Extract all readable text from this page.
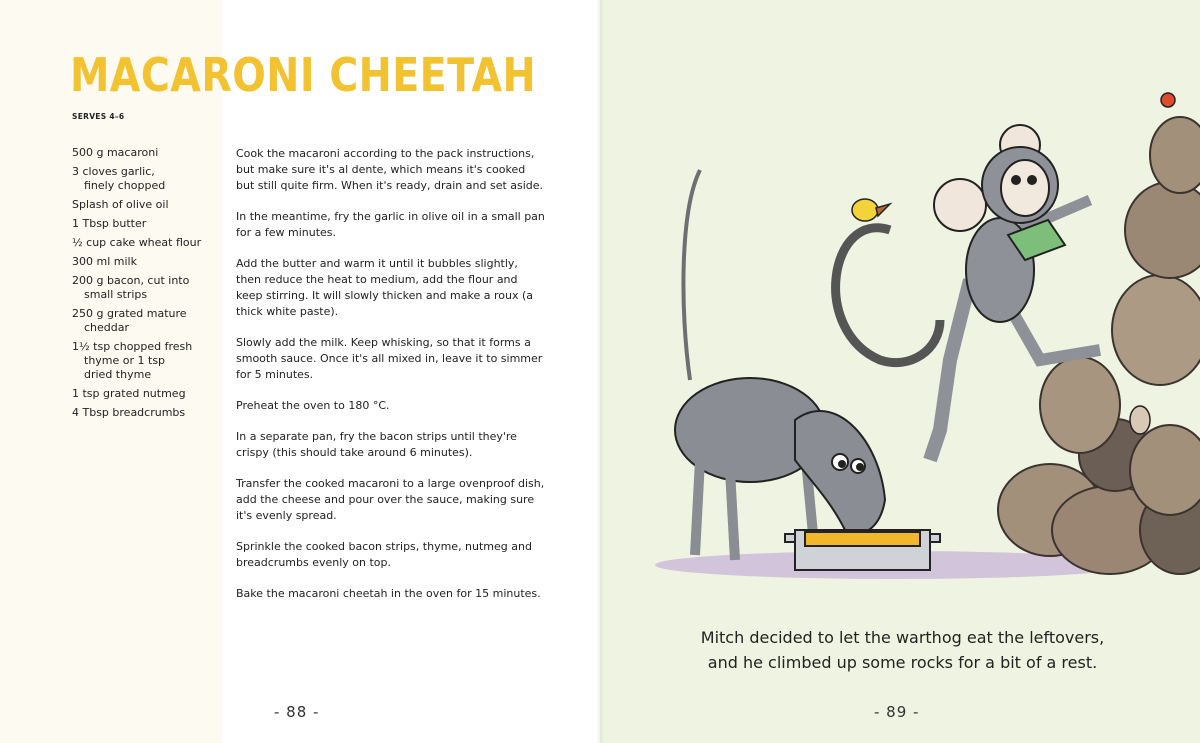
MACARONI CHEETAH
SERVES 4–6
500 g macaroni
3 cloves garlic,
finely chopped
Splash of olive oil
1 Tbsp butter
½ cup cake wheat flour
300 ml milk
200 g bacon, cut into
small strips
250 g grated mature
cheddar
1½ tsp chopped fresh
thyme or 1 tsp
dried thyme
1 tsp grated nutmeg
4 Tbsp breadcrumbs

Cook the macaroni according to the pack instructions, but make sure it's al dente, which means it's cooked but still quite firm. When it's ready, drain and set aside.

In the meantime, fry the garlic in olive oil in a small pan for a few minutes.

Add the butter and warm it until it bubbles slightly, then reduce the heat to medium, add the flour and keep stirring. It will slowly thicken and make a roux (a thick white paste).

Slowly add the milk. Keep whisking, so that it forms a smooth sauce. Once it's all mixed in, leave it to simmer for 5 minutes.

Preheat the oven to 180 °C.

In a separate pan, fry the bacon strips until they're crispy (this should take around 6 minutes).

Transfer the cooked macaroni to a large ovenproof dish, add the cheese and pour over the sauce, making sure it's evenly spread.

Sprinkle the cooked bacon strips, thyme, nutmeg and breadcrumbs evenly on top.

Bake the macaroni cheetah in the oven for 15 minutes.

- 88 -

Mitch decided to let the warthog eat the leftovers,
and he climbed up some rocks for a bit of a rest.

- 89 -
